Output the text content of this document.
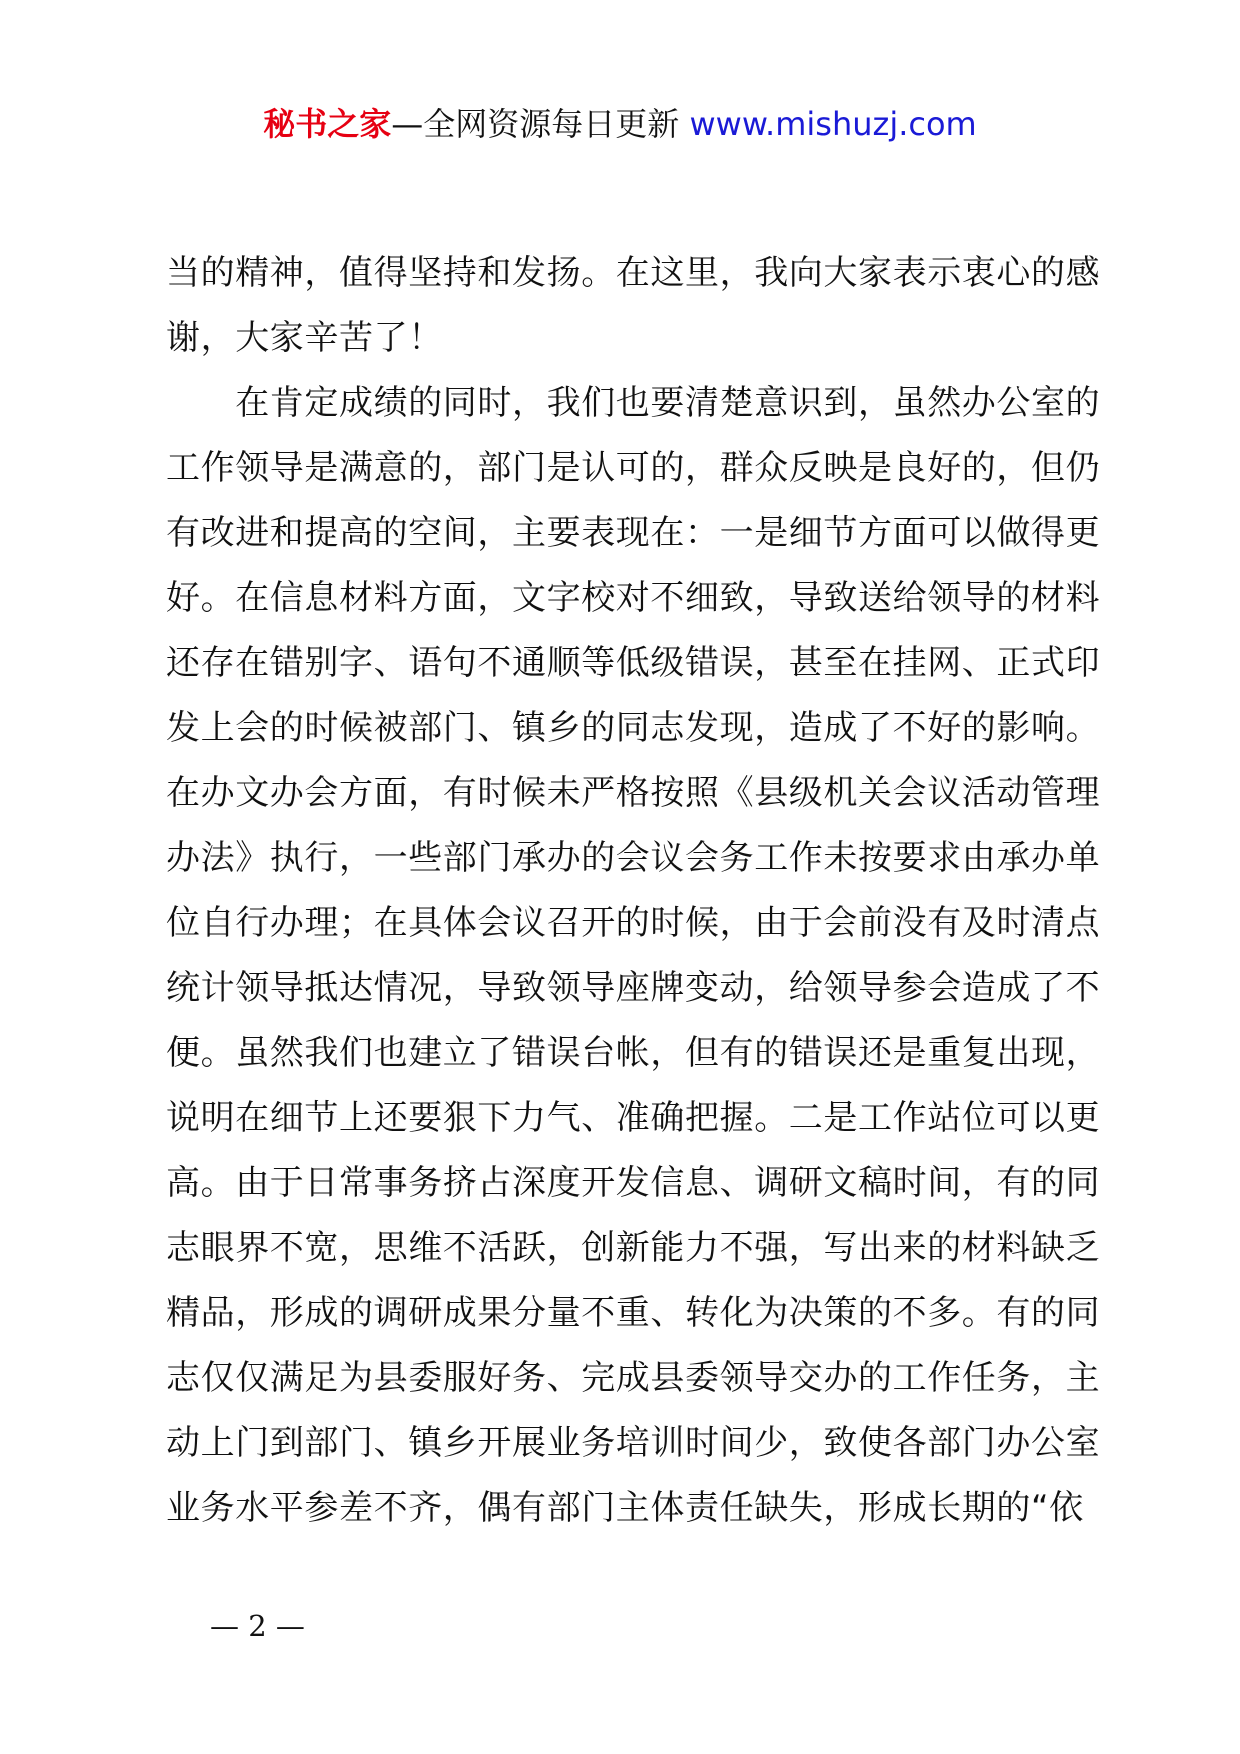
秘书之家—全网资源每日更新 www.mishuzj.com
当的精神，值得坚持和发扬。在这里，我向大家表示衷心的感
谢，大家辛苦了！
　　在肯定成绩的同时，我们也要清楚意识到，虽然办公室的
工作领导是满意的，部门是认可的，群众反映是良好的，但仍
有改进和提高的空间，主要表现在：一是细节方面可以做得更
好。在信息材料方面，文字校对不细致，导致送给领导的材料
还存在错别字、语句不通顺等低级错误，甚至在挂网、正式印
发上会的时候被部门、镇乡的同志发现，造成了不好的影响。
在办文办会方面，有时候未严格按照《县级机关会议活动管理
办法》执行，一些部门承办的会议会务工作未按要求由承办单
位自行办理；在具体会议召开的时候，由于会前没有及时清点
统计领导抵达情况，导致领导座牌变动，给领导参会造成了不
便。虽然我们也建立了错误台帐，但有的错误还是重复出现，
说明在细节上还要狠下力气、准确把握。二是工作站位可以更
高。由于日常事务挤占深度开发信息、调研文稿时间，有的同
志眼界不宽，思维不活跃，创新能力不强，写出来的材料缺乏
精品，形成的调研成果分量不重、转化为决策的不多。有的同
志仅仅满足为县委服好务、完成县委领导交办的工作任务，主
动上门到部门、镇乡开展业务培训时间少，致使各部门办公室
业务水平参差不齐，偶有部门主体责任缺失，形成长期的“依
— 2 —
